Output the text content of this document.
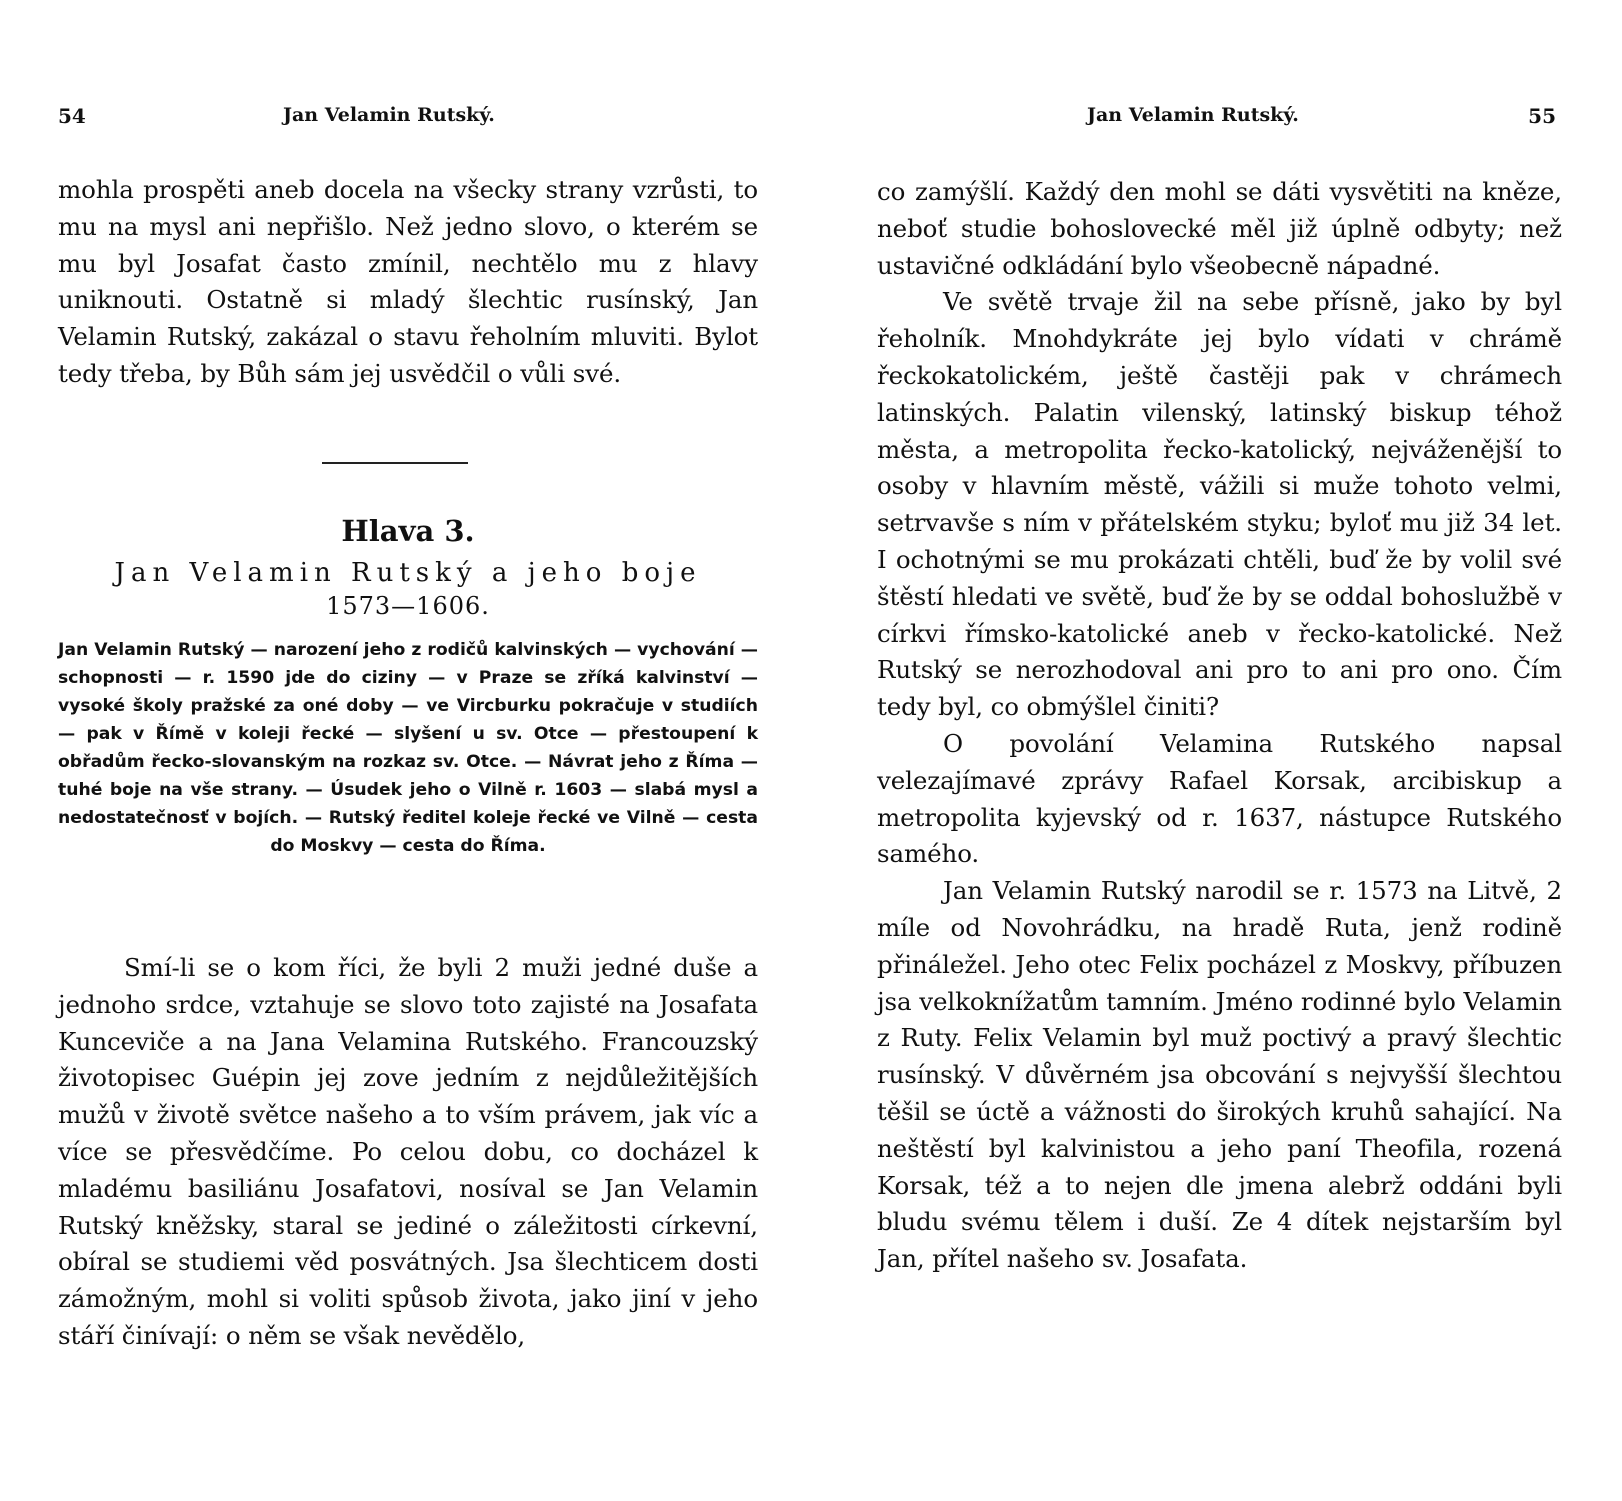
54	Jan Velamin Rutský.

mohla prospěti aneb docela na všecky strany vzrůsti, to mu na mysl ani nepřišlo. Než jedno slovo, o kterém se mu byl Josafat často zmínil, nechtělo mu z hlavy uniknouti. Ostatně si mladý šlechtic rusínský, Jan Velamin Rutský, zakázal o stavu řeholním mluviti. Bylot tedy třeba, by Bůh sám jej usvědčil o vůli své.

Hlava 3.
Jan Velamin Rutský a jeho boje
1573—1606.
Jan Velamin Rutský — narození jeho z rodičů kalvinských — vychování — schopnosti — r. 1590 jde do ciziny — v Praze se zříká kalvinství — vysoké školy pražské za oné doby — ve Vircburku pokračuje v studiích — pak v Římě v koleji řecké — slyšení u sv. Otce — přestoupení k obřadům řecko-slovanským na rozkaz sv. Otce. — Návrat jeho z Říma — tuhé boje na vše strany. — Úsudek jeho o Vilně r. 1603 — slabá mysl a nedostatečnosť v bojích. — Rutský ředitel koleje řecké ve Vilně — cesta do Moskvy — cesta do Říma.

Smí-li se o kom říci, že byli 2 muži jedné duše a jednoho srdce, vztahuje se slovo toto zajisté na Josafata Kunceviče a na Jana Velamina Rutského. Francouzský životopisec Guépin jej zove jedním z nejdůležitějších mužů v životě světce našeho a to vším právem, jak víc a více se přesvědčíme. Po celou dobu, co docházel k mladému basiliánu Josafatovi, nosíval se Jan Velamin Rutský kněžsky, staral se jediné o záležitosti církevní, obíral se studiemi věd posvátných. Jsa šlechticem dosti zámožným, mohl si voliti spůsob života, jako jiní v jeho stáří činívají: o něm se však nevědělo,

Jan Velamin Rutský.	55

co zamýšlí. Každý den mohl se dáti vysvětiti na kněze, neboť studie bohoslovecké měl již úplně odbyty; než ustavičné odkládání bylo všeobecně nápadné.

Ve světě trvaje žil na sebe přísně, jako by byl řeholník. Mnohdykráte jej bylo vídati v chrámě řeckokatolickém, ještě častěji pak v chrámech latinských. Palatin vilenský, latinský biskup téhož města, a metropolita řecko-katolický, nejváženější to osoby v hlavním městě, vážili si muže tohoto velmi, setrvavše s ním v přátelském styku; byloť mu již 34 let. I ochotnými se mu prokázati chtěli, buď že by volil své štěstí hledati ve světě, buď že by se oddal bohoslužbě v církvi římsko-katolické aneb v řecko-katolické. Než Rutský se nerozhodoval ani pro to ani pro ono. Čím tedy byl, co obmýšlel činiti?

O povolání Velamina Rutského napsal velezajímavé zprávy Rafael Korsak, arcibiskup a metropolita kyjevský od r. 1637, nástupce Rutského samého.

Jan Velamin Rutský narodil se r. 1573 na Litvě, 2 míle od Novohrádku, na hradě Ruta, jenž rodině přináležel. Jeho otec Felix pocházel z Moskvy, příbuzen jsa velkoknížatům tamním. Jméno rodinné bylo Velamin z Ruty. Felix Velamin byl muž poctivý a pravý šlechtic rusínský. V důvěrném jsa obcování s nejvyšší šlechtou těšil se úctě a vážnosti do širokých kruhů sahající. Na neštěstí byl kalvinistou a jeho paní Theofila, rozená Korsak, též a to nejen dle jmena alebrž oddáni byli bludu svému tělem i duší. Ze 4 dítek nejstarším byl Jan, přítel našeho sv. Josafata.
